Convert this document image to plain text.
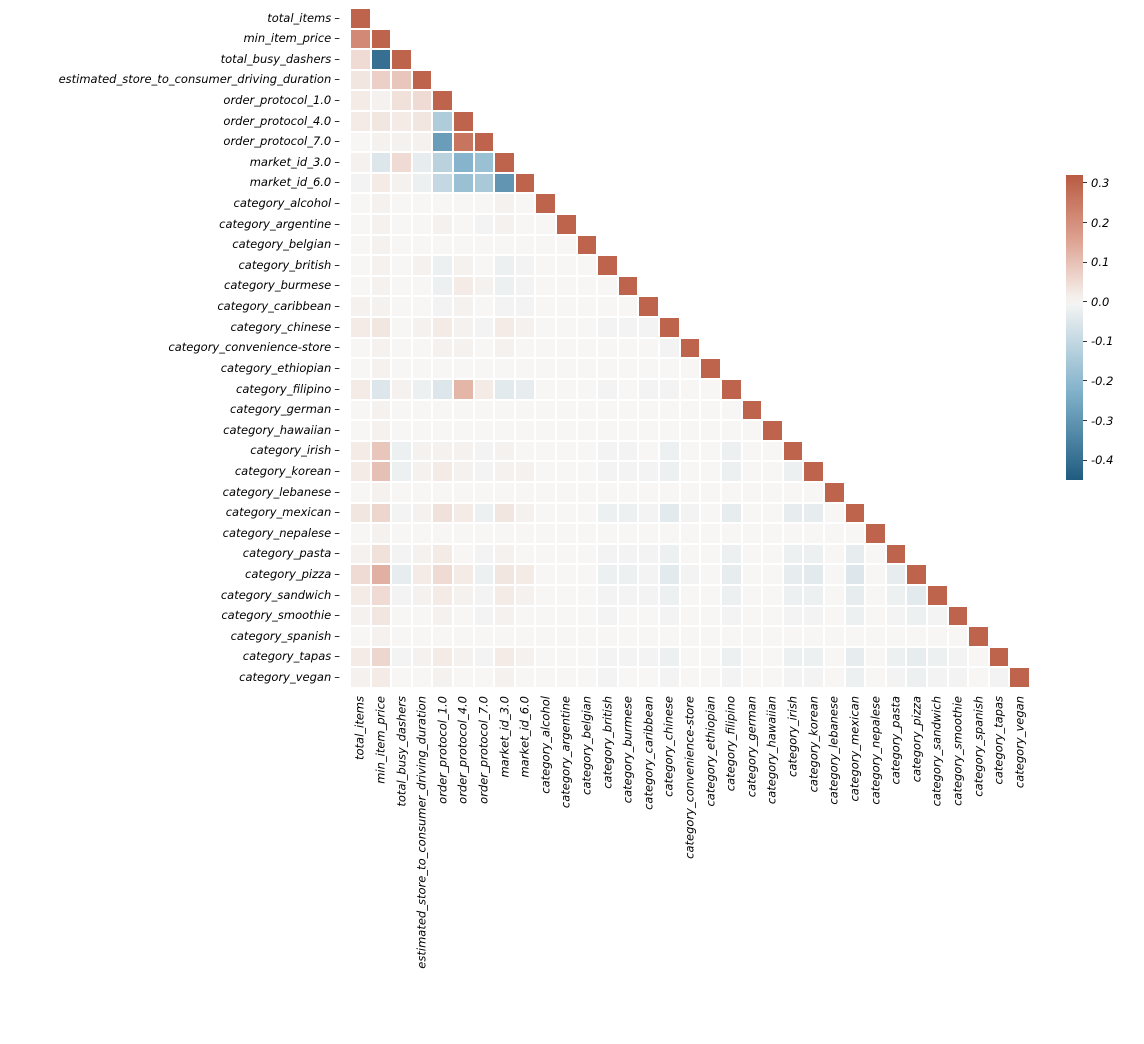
total_items –
min_item_price –
total_busy_dashers –
estimated_store_to_consumer_driving_duration –
order_protocol_1.0 –
order_protocol_4.0 –
order_protocol_7.0 –
market_id_3.0 –
market_id_6.0 –
category_alcohol –
category_argentine –
category_belgian –
category_british –
category_burmese –
category_caribbean –
category_chinese –
category_convenience-store –
category_ethiopian –
category_filipino –
category_german –
category_hawaiian –
category_irish –
category_korean –
category_lebanese –
category_mexican –
category_nepalese –
category_pasta –
category_pizza –
category_sandwich –
category_smoothie –
category_spanish –
category_tapas –
category_vegan –
total_items min_item_price total_busy_dashers estimated_store_to_consumer_driving_duration order_protocol_1.0 order_protocol_4.0 order_protocol_7.0 market_id_3.0 market_id_6.0 category_alcohol category_argentine category_belgian category_british category_burmese category_caribbean category_chinese category_convenience-store category_ethiopian category_filipino category_german category_hawaiian category_irish category_korean category_lebanese category_mexican category_nepalese category_pasta category_pizza category_sandwich category_smoothie category_spanish category_tapas category_vegan
0.3
0.2
0.1
0.0
-0.1
-0.2
-0.3
-0.4
